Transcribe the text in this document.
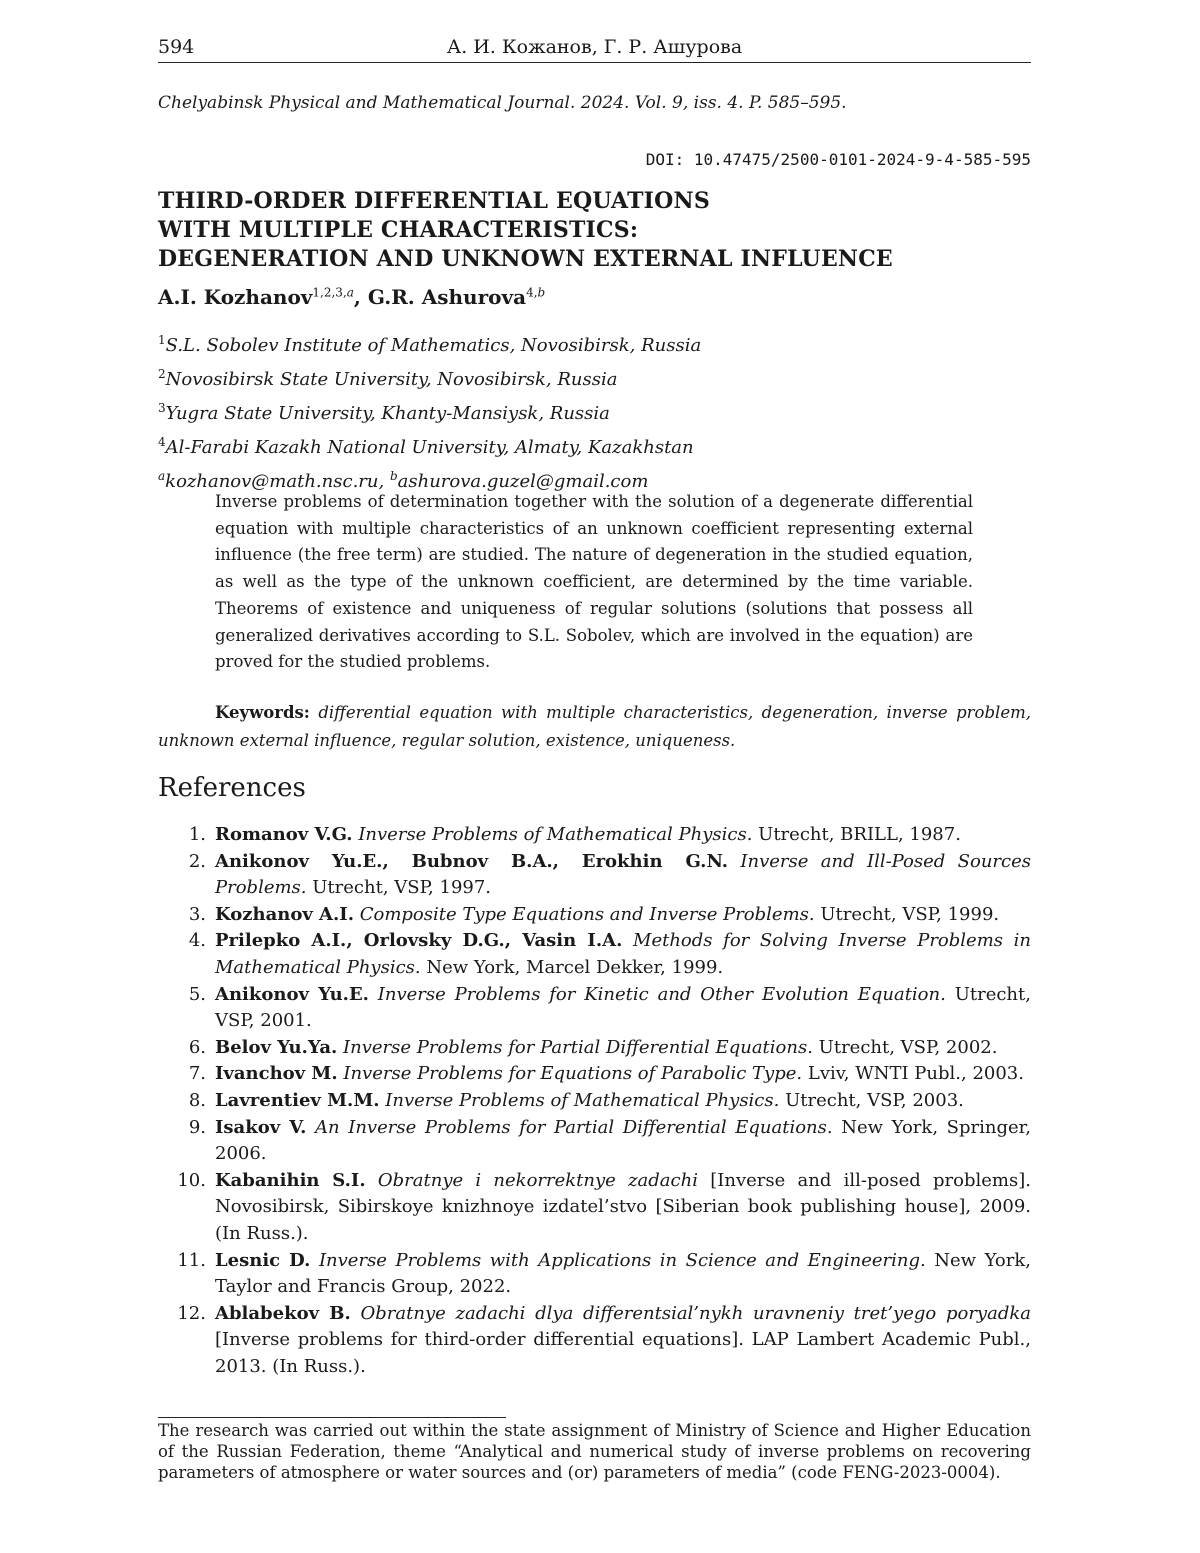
594	А. И. Кожанов, Г. Р. Ашурова
Chelyabinsk Physical and Mathematical Journal. 2024. Vol. 9, iss. 4. P. 585–595.
DOI: 10.47475/2500-0101-2024-9-4-585-595
THIRD-ORDER DIFFERENTIAL EQUATIONS
WITH MULTIPLE CHARACTERISTICS:
DEGENERATION AND UNKNOWN EXTERNAL INFLUENCE
A.I. Kozhanov$^{1,2,3,a}$, G.R. Ashurova$^{4,b}$
$^1$S.L. Sobolev Institute of Mathematics, Novosibirsk, Russia
$^2$Novosibirsk State University, Novosibirsk, Russia
$^3$Yugra State University, Khanty-Mansiysk, Russia
$^4$Al-Farabi Kazakh National University, Almaty, Kazakhstan
$^a$kozhanov@math.nsc.ru, $^b$ashurova.guzel@gmail.com
Inverse problems of determination together with the solution of a degenerate differential equation with multiple characteristics of an unknown coefficient representing external influence (the free term) are studied. The nature of degeneration in the studied equation, as well as the type of the unknown coefficient, are determined by the time variable. Theorems of existence and uniqueness of regular solutions (solutions that possess all generalized derivatives according to S.L. Sobolev, which are involved in the equation) are proved for the studied problems.
Keywords: differential equation with multiple characteristics, degeneration, inverse problem, unknown external influence, regular solution, existence, uniqueness.
References
1. Romanov V.G. Inverse Problems of Mathematical Physics. Utrecht, BRILL, 1987.
2. Anikonov Yu.E., Bubnov B.A., Erokhin G.N. Inverse and Ill-Posed Sources Problems. Utrecht, VSP, 1997.
3. Kozhanov A.I. Composite Type Equations and Inverse Problems. Utrecht, VSP, 1999.
4. Prilepko A.I., Orlovsky D.G., Vasin I.A. Methods for Solving Inverse Problems in Mathematical Physics. New York, Marcel Dekker, 1999.
5. Anikonov Yu.E. Inverse Problems for Kinetic and Other Evolution Equation. Utrecht, VSP, 2001.
6. Belov Yu.Ya. Inverse Problems for Partial Differential Equations. Utrecht, VSP, 2002.
7. Ivanchov M. Inverse Problems for Equations of Parabolic Type. Lviv, WNTI Publ., 2003.
8. Lavrentiev M.M. Inverse Problems of Mathematical Physics. Utrecht, VSP, 2003.
9. Isakov V. An Inverse Problems for Partial Differential Equations. New York, Springer, 2006.
10. Kabanihin S.I. Obratnye i nekorrektnye zadachi [Inverse and ill-posed problems]. Novosibirsk, Sibirskoye knizhnoye izdatel’stvo [Siberian book publishing house], 2009. (In Russ.).
11. Lesnic D. Inverse Problems with Applications in Science and Engineering. New York, Taylor and Francis Group, 2022.
12. Ablabekov B. Obratnye zadachi dlya differentsial’nykh uravneniy tret’yego poryadka [Inverse problems for third-order differential equations]. LAP Lambert Academic Publ., 2013. (In Russ.).
The research was carried out within the state assignment of Ministry of Science and Higher Education of the Russian Federation, theme “Analytical and numerical study of inverse problems on recovering parameters of atmosphere or water sources and (or) parameters of media” (code FENG-2023-0004).
